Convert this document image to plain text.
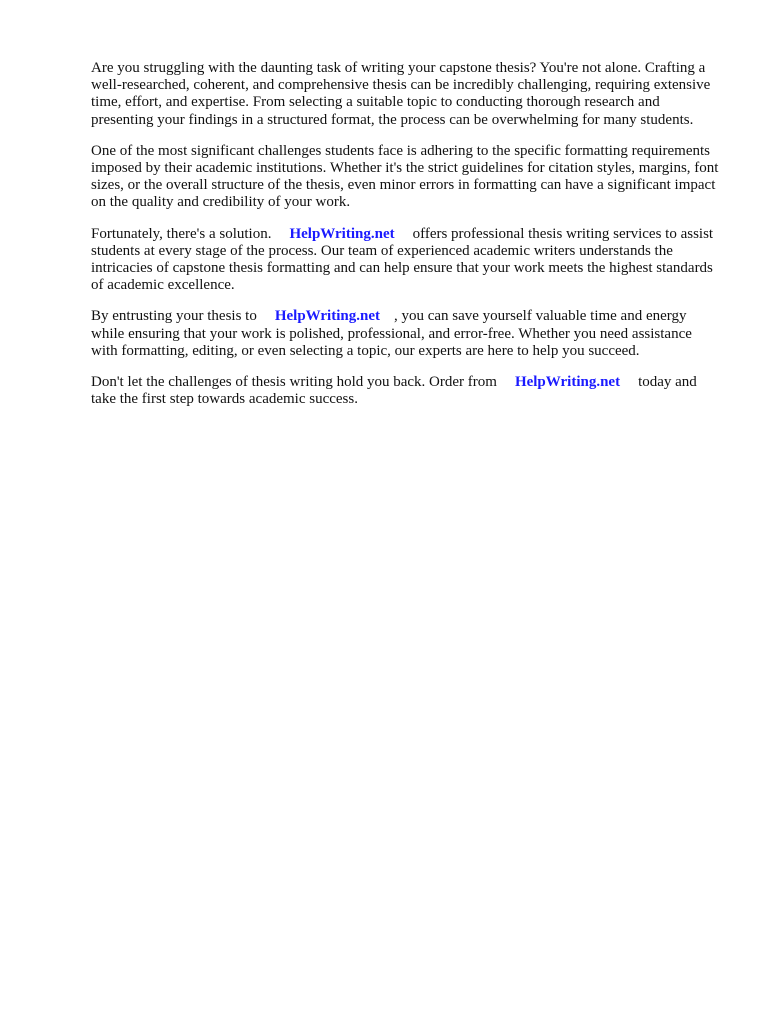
Are you struggling with the daunting task of writing your capstone thesis? You're not alone. Crafting a well-researched, coherent, and comprehensive thesis can be incredibly challenging, requiring extensive time, effort, and expertise. From selecting a suitable topic to conducting thorough research and presenting your findings in a structured format, the process can be overwhelming for many students.

One of the most significant challenges students face is adhering to the specific formatting requirements imposed by their academic institutions. Whether it's the strict guidelines for citation styles, margins, font sizes, or the overall structure of the thesis, even minor errors in formatting can have a significant impact on the quality and credibility of your work.

Fortunately, there's a solution. HelpWriting.net offers professional thesis writing services to assist students at every stage of the process. Our team of experienced academic writers understands the intricacies of capstone thesis formatting and can help ensure that your work meets the highest standards of academic excellence.

By entrusting your thesis to HelpWriting.net , you can save yourself valuable time and energy while ensuring that your work is polished, professional, and error-free. Whether you need assistance with formatting, editing, or even selecting a topic, our experts are here to help you succeed.

Don't let the challenges of thesis writing hold you back. Order from HelpWriting.net today and take the first step towards academic success.
